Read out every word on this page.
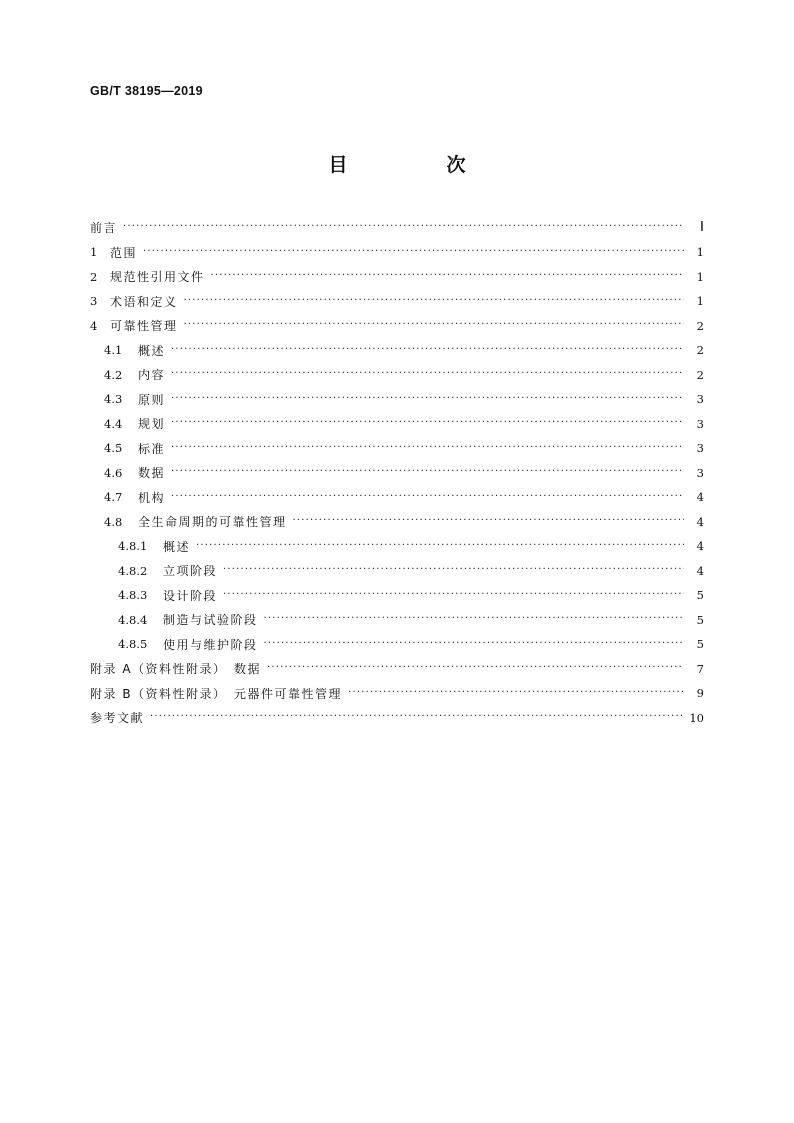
GB/T 38195—2019
目　次
前言 ·····	Ⅰ
1	范围 ·····	1
2	规范性引用文件 ·····	1
3	术语和定义 ·····	1
4	可靠性管理 ·····	2
4.1	概述 ·····	2
4.2	内容 ·····	2
4.3	原则 ·····	3
4.4	规划 ·····	3
4.5	标准 ·····	3
4.6	数据 ·····	3
4.7	机构 ·····	4
4.8	全生命周期的可靠性管理 ·····	4
4.8.1	概述 ·····	4
4.8.2	立项阶段 ·····	4
4.8.3	设计阶段 ·····	5
4.8.4	制造与试验阶段 ·····	5
4.8.5	使用与维护阶段 ·····	5
附录 A（资料性附录）　数据 ·····	7
附录 B（资料性附录）　元器件可靠性管理 ·····	9
参考文献 ·····	10
